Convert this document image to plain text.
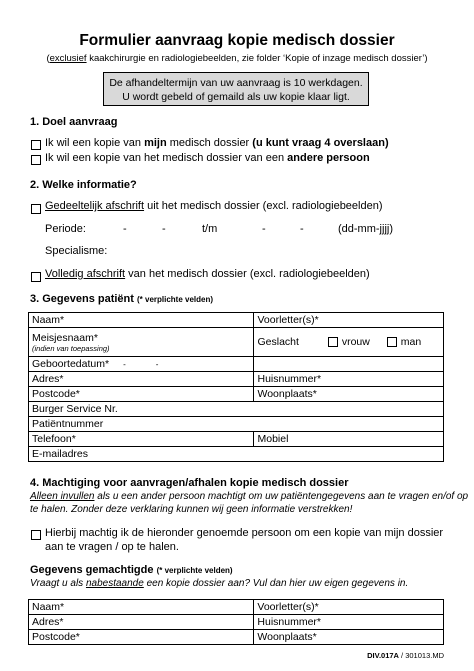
Formulier aanvraag kopie medisch dossier
(exclusief kaakchirurgie en radiologiebeelden, zie folder ‘Kopie of inzage medisch dossier’)
De afhandeltermijn van uw aanvraag is 10 werkdagen.
U wordt gebeld of gemaild als uw kopie klaar ligt.
1. Doel aanvraag
Ik wil een kopie van mijn medisch dossier (u kunt vraag 4 overslaan)
Ik wil een kopie van het medisch dossier van een andere persoon
2. Welke informatie?
Gedeeltelijk afschrift uit het medisch dossier (excl. radiologiebeelden)
Periode:	-	-	t/m	-	-	(dd-mm-jjjj)
Specialisme:
Volledig afschrift van het medisch dossier (excl. radiologiebeelden)
3. Gegevens patiënt (* verplichte velden)
Naam*	Voorletter(s)*
Meisjesnaam*
(indien van toepassing)	Geslacht vrouw man
Geboortedatum* - -	
Adres*	Huisnummer*
Postcode*	Woonplaats*
Burger Service Nr.	
Patiëntnummer	
Telefoon*	Mobiel
E-mailadres	
4. Machtiging voor aanvragen/afhalen kopie medisch dossier
Alleen invullen als u een ander persoon machtigt om uw patiëntengegevens aan te vragen en/of op
te halen. Zonder deze verklaring kunnen wij geen informatie verstrekken!
Hierbij machtig ik de hieronder genoemde persoon om een kopie van mijn dossier
aan te vragen / op te halen.
Gegevens gemachtigde (* verplichte velden)
Vraagt u als nabestaande een kopie dossier aan? Vul dan hier uw eigen gegevens in.
Naam*	Voorletter(s)*
Adres*	Huisnummer*
Postcode*	Woonplaats*
DIV.017A / 301013.MD
